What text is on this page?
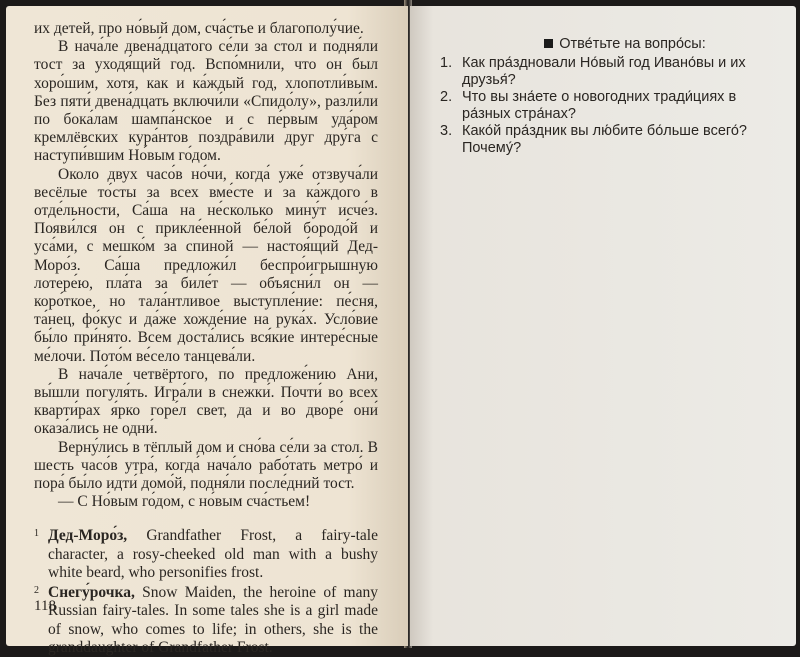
их детей, про но́вый дом, сча́стье и благополу́чие.

В нача́ле двена́дцатого се́ли за стол и подня́ли тост за уходя́щий год. Вспо́мнили, что он был хоро́шим, хотя, как и ка́ждый год, хлопотли́вым. Без пяти́ двена́дцать включи́ли «Спидо́лу», разли́ли по бока́лам шампа́нское и с пе́рвым уда́ром кремлёвских кура́нтов поздра́вили друг дру́га с наступи́вшим Но́вым го́дом.

Около двух часо́в но́чи, когда́ уже́ отзвуча́ли весёлые то́сты за всех вме́сте и за ка́ждого в отде́льности, Са́ша на не́сколько мину́т исче́з. Появи́лся он с прикле́енной бе́лой бородо́й и уса́ми, с мешко́м за спиной — настоя́щий Дед-Моро́з. Са́ша предложи́л беспро́игрышную лотере́ю, пла́та за биле́т — объясни́л он — коро́ткое, но тала́нтливое выступле́ние: пе́сня, та́нец, фо́кус и да́же хожде́ние на рука́х. Усло́вие бы́ло при́нято. Всем доста́лись вся́кие интере́сные ме́лочи. Пото́м ве́село танцева́ли.

В нача́ле четвёртого, по предложе́нию Ани, вы́шли погуля́ть. Игра́ли в снежки́. Почти́ во всех кварти́рах я́рко горе́л свет, да и во дворе́ они́ оказа́лись не одни́.

Верну́лись в тёплый дом и сно́ва се́ли за стол. В шесть часо́в утра́, когда́ нача́ло рабо́тать метро́ и пора́ бы́ло идти́ домо́й, подня́ли после́дний тост.

— С Но́вым го́дом, с но́вым сча́стьем!

1 Дед-Моро́з, Grandfather Frost, a fairy-tale character, a rosy-cheeked old man with a bushy white beard, who personifies frost.
2 Снегу́рочка, Snow Maiden, the heroine of many Russian fairy-tales. In some tales she is a girl made of snow, who comes to life; in others, she is the granddaughter of Grandfather Frost.
118
Отве́тьте на вопро́сы:
1. Как пра́здновали Но́вый год Ивано́вы и их друзья́?
2. Что вы зна́ете о новогодних тради́циях в ра́зных стра́нах?
3. Како́й пра́здник вы лю́бите бо́льше всего́? Почему́?
